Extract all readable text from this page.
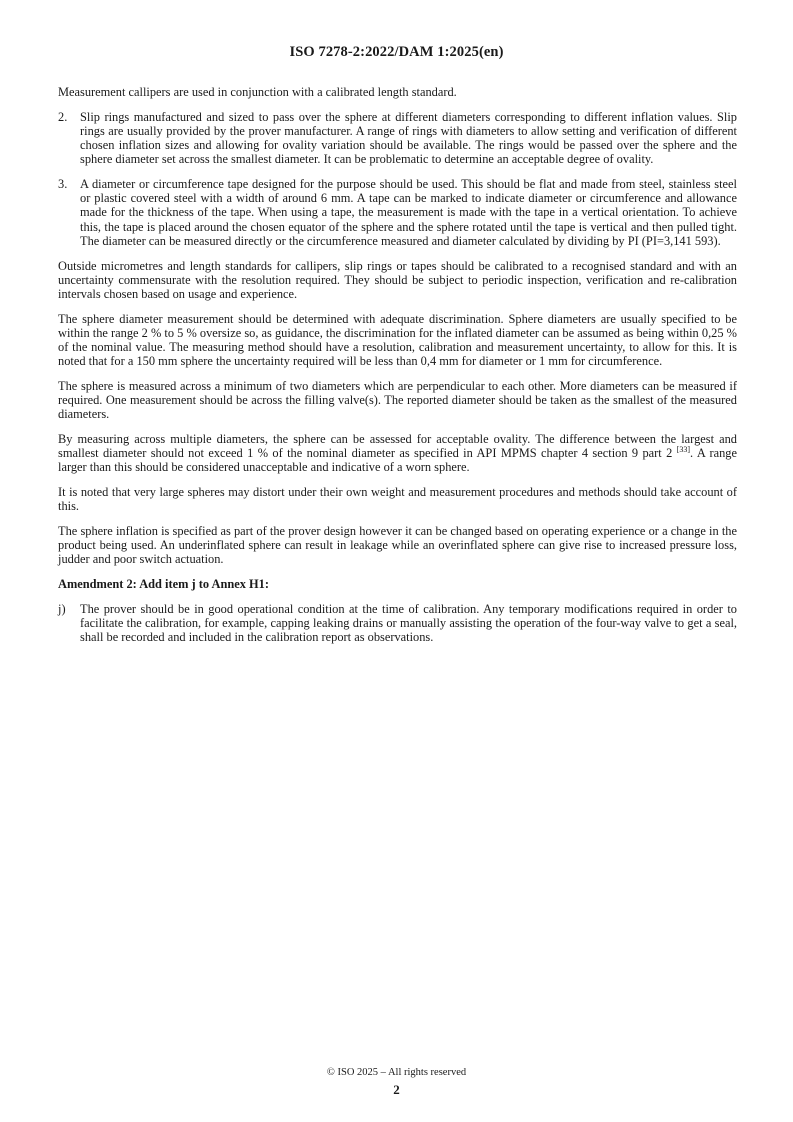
ISO 7278-2:2022/DAM 1:2025(en)

Measurement callipers are used in conjunction with a calibrated length standard.

2.	Slip rings manufactured and sized to pass over the sphere at different diameters corresponding to different inflation values. Slip rings are usually provided by the prover manufacturer. A range of rings with diameters to allow setting and verification of different chosen inflation sizes and allowing for ovality variation should be available. The rings would be passed over the sphere and the sphere diameter set across the smallest diameter. It can be problematic to determine an acceptable degree of ovality.
3.	A diameter or circumference tape designed for the purpose should be used. This should be flat and made from steel, stainless steel or plastic covered steel with a width of around 6 mm. A tape can be marked to indicate diameter or circumference and allowance made for the thickness of the tape. When using a tape, the measurement is made with the tape in a vertical orientation. To achieve this, the tape is placed around the chosen equator of the sphere and the sphere rotated until the tape is vertical and then pulled tight. The diameter can be measured directly or the circumference measured and diameter calculated by dividing by PI (PI=3,141 593).

Outside micrometres and length standards for callipers, slip rings or tapes should be calibrated to a recognised standard and with an uncertainty commensurate with the resolution required. They should be subject to periodic inspection, verification and re-calibration intervals chosen based on usage and experience.

The sphere diameter measurement should be determined with adequate discrimination. Sphere diameters are usually specified to be within the range 2 % to 5 % oversize so, as guidance, the discrimination for the inflated diameter can be assumed as being within 0,25 % of the nominal value. The measuring method should have a resolution, calibration and measurement uncertainty, to allow for this. It is noted that for a 150 mm sphere the uncertainty required will be less than 0,4 mm for diameter or 1 mm for circumference.

The sphere is measured across a minimum of two diameters which are perpendicular to each other. More diameters can be measured if required. One measurement should be across the filling valve(s). The reported diameter should be taken as the smallest of the measured diameters.

By measuring across multiple diameters, the sphere can be assessed for acceptable ovality. The difference between the largest and smallest diameter should not exceed 1 % of the nominal diameter as specified in API MPMS chapter 4 section 9 part 2 [33]. A range larger than this should be considered unacceptable and indicative of a worn sphere.

It is noted that very large spheres may distort under their own weight and measurement procedures and methods should take account of this.

The sphere inflation is specified as part of the prover design however it can be changed based on operating experience or a change in the product being used. An underinflated sphere can result in leakage while an overinflated sphere can give rise to increased pressure loss, judder and poor switch actuation.

Amendment 2: Add item j to Annex H1:
j)	The prover should be in good operational condition at the time of calibration. Any temporary modifications required in order to facilitate the calibration, for example, capping leaking drains or manually assisting the operation of the four-way valve to get a seal, shall be recorded and included in the calibration report as observations.
© ISO 2025 – All rights reserved
2
